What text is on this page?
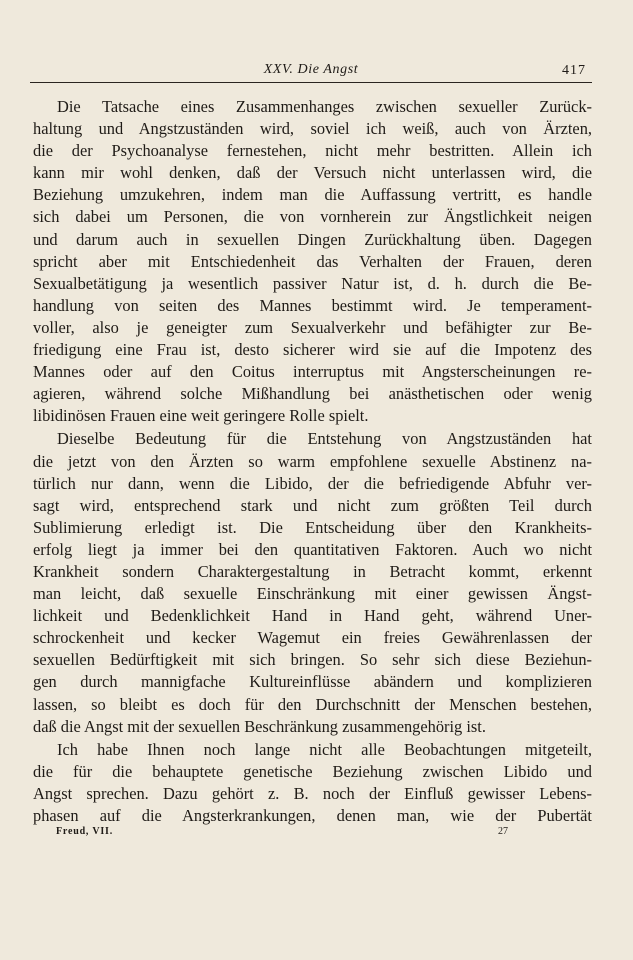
XXV. Die Angst	417
Die Tatsache eines Zusammenhanges zwischen sexueller Zurück-
haltung und Angstzuständen wird, soviel ich weiß, auch von Ärzten,
die der Psychoanalyse fernestehen, nicht mehr bestritten. Allein ich
kann mir wohl denken, daß der Versuch nicht unterlassen wird, die
Beziehung umzukehren, indem man die Auffassung vertritt, es handle
sich dabei um Personen, die von vornherein zur Ängstlichkeit neigen
und darum auch in sexuellen Dingen Zurückhaltung üben. Dagegen
spricht aber mit Entschiedenheit das Verhalten der Frauen, deren
Sexualbetätigung ja wesentlich passiver Natur ist, d. h. durch die Be-
handlung von seiten des Mannes bestimmt wird. Je temperament-
voller, also je geneigter zum Sexualverkehr und befähigter zur Be-
friedigung eine Frau ist, desto sicherer wird sie auf die Impotenz des
Mannes oder auf den Coitus interruptus mit Angsterscheinungen re-
agieren, während solche Mißhandlung bei anästhetischen oder wenig
libidinösen Frauen eine weit geringere Rolle spielt.
Dieselbe Bedeutung für die Entstehung von Angstzuständen hat
die jetzt von den Ärzten so warm empfohlene sexuelle Abstinenz na-
türlich nur dann, wenn die Libido, der die befriedigende Abfuhr ver-
sagt wird, entsprechend stark und nicht zum größten Teil durch
Sublimierung erledigt ist. Die Entscheidung über den Krankheits-
erfolg liegt ja immer bei den quantitativen Faktoren. Auch wo nicht
Krankheit sondern Charaktergestaltung in Betracht kommt, erkennt
man leicht, daß sexuelle Einschränkung mit einer gewissen Ängst-
lichkeit und Bedenklichkeit Hand in Hand geht, während Uner-
schrockenheit und kecker Wagemut ein freies Gewährenlassen der
sexuellen Bedürftigkeit mit sich bringen. So sehr sich diese Beziehun-
gen durch mannigfache Kultureinflüsse abändern und komplizieren
lassen, so bleibt es doch für den Durchschnitt der Menschen bestehen,
daß die Angst mit der sexuellen Beschränkung zusammengehörig ist.
Ich habe Ihnen noch lange nicht alle Beobachtungen mitgeteilt,
die für die behauptete genetische Beziehung zwischen Libido und
Angst sprechen. Dazu gehört z. B. noch der Einfluß gewisser Lebens-
phasen auf die Angsterkrankungen, denen man, wie der Pubertät
Freud, VII.	27
